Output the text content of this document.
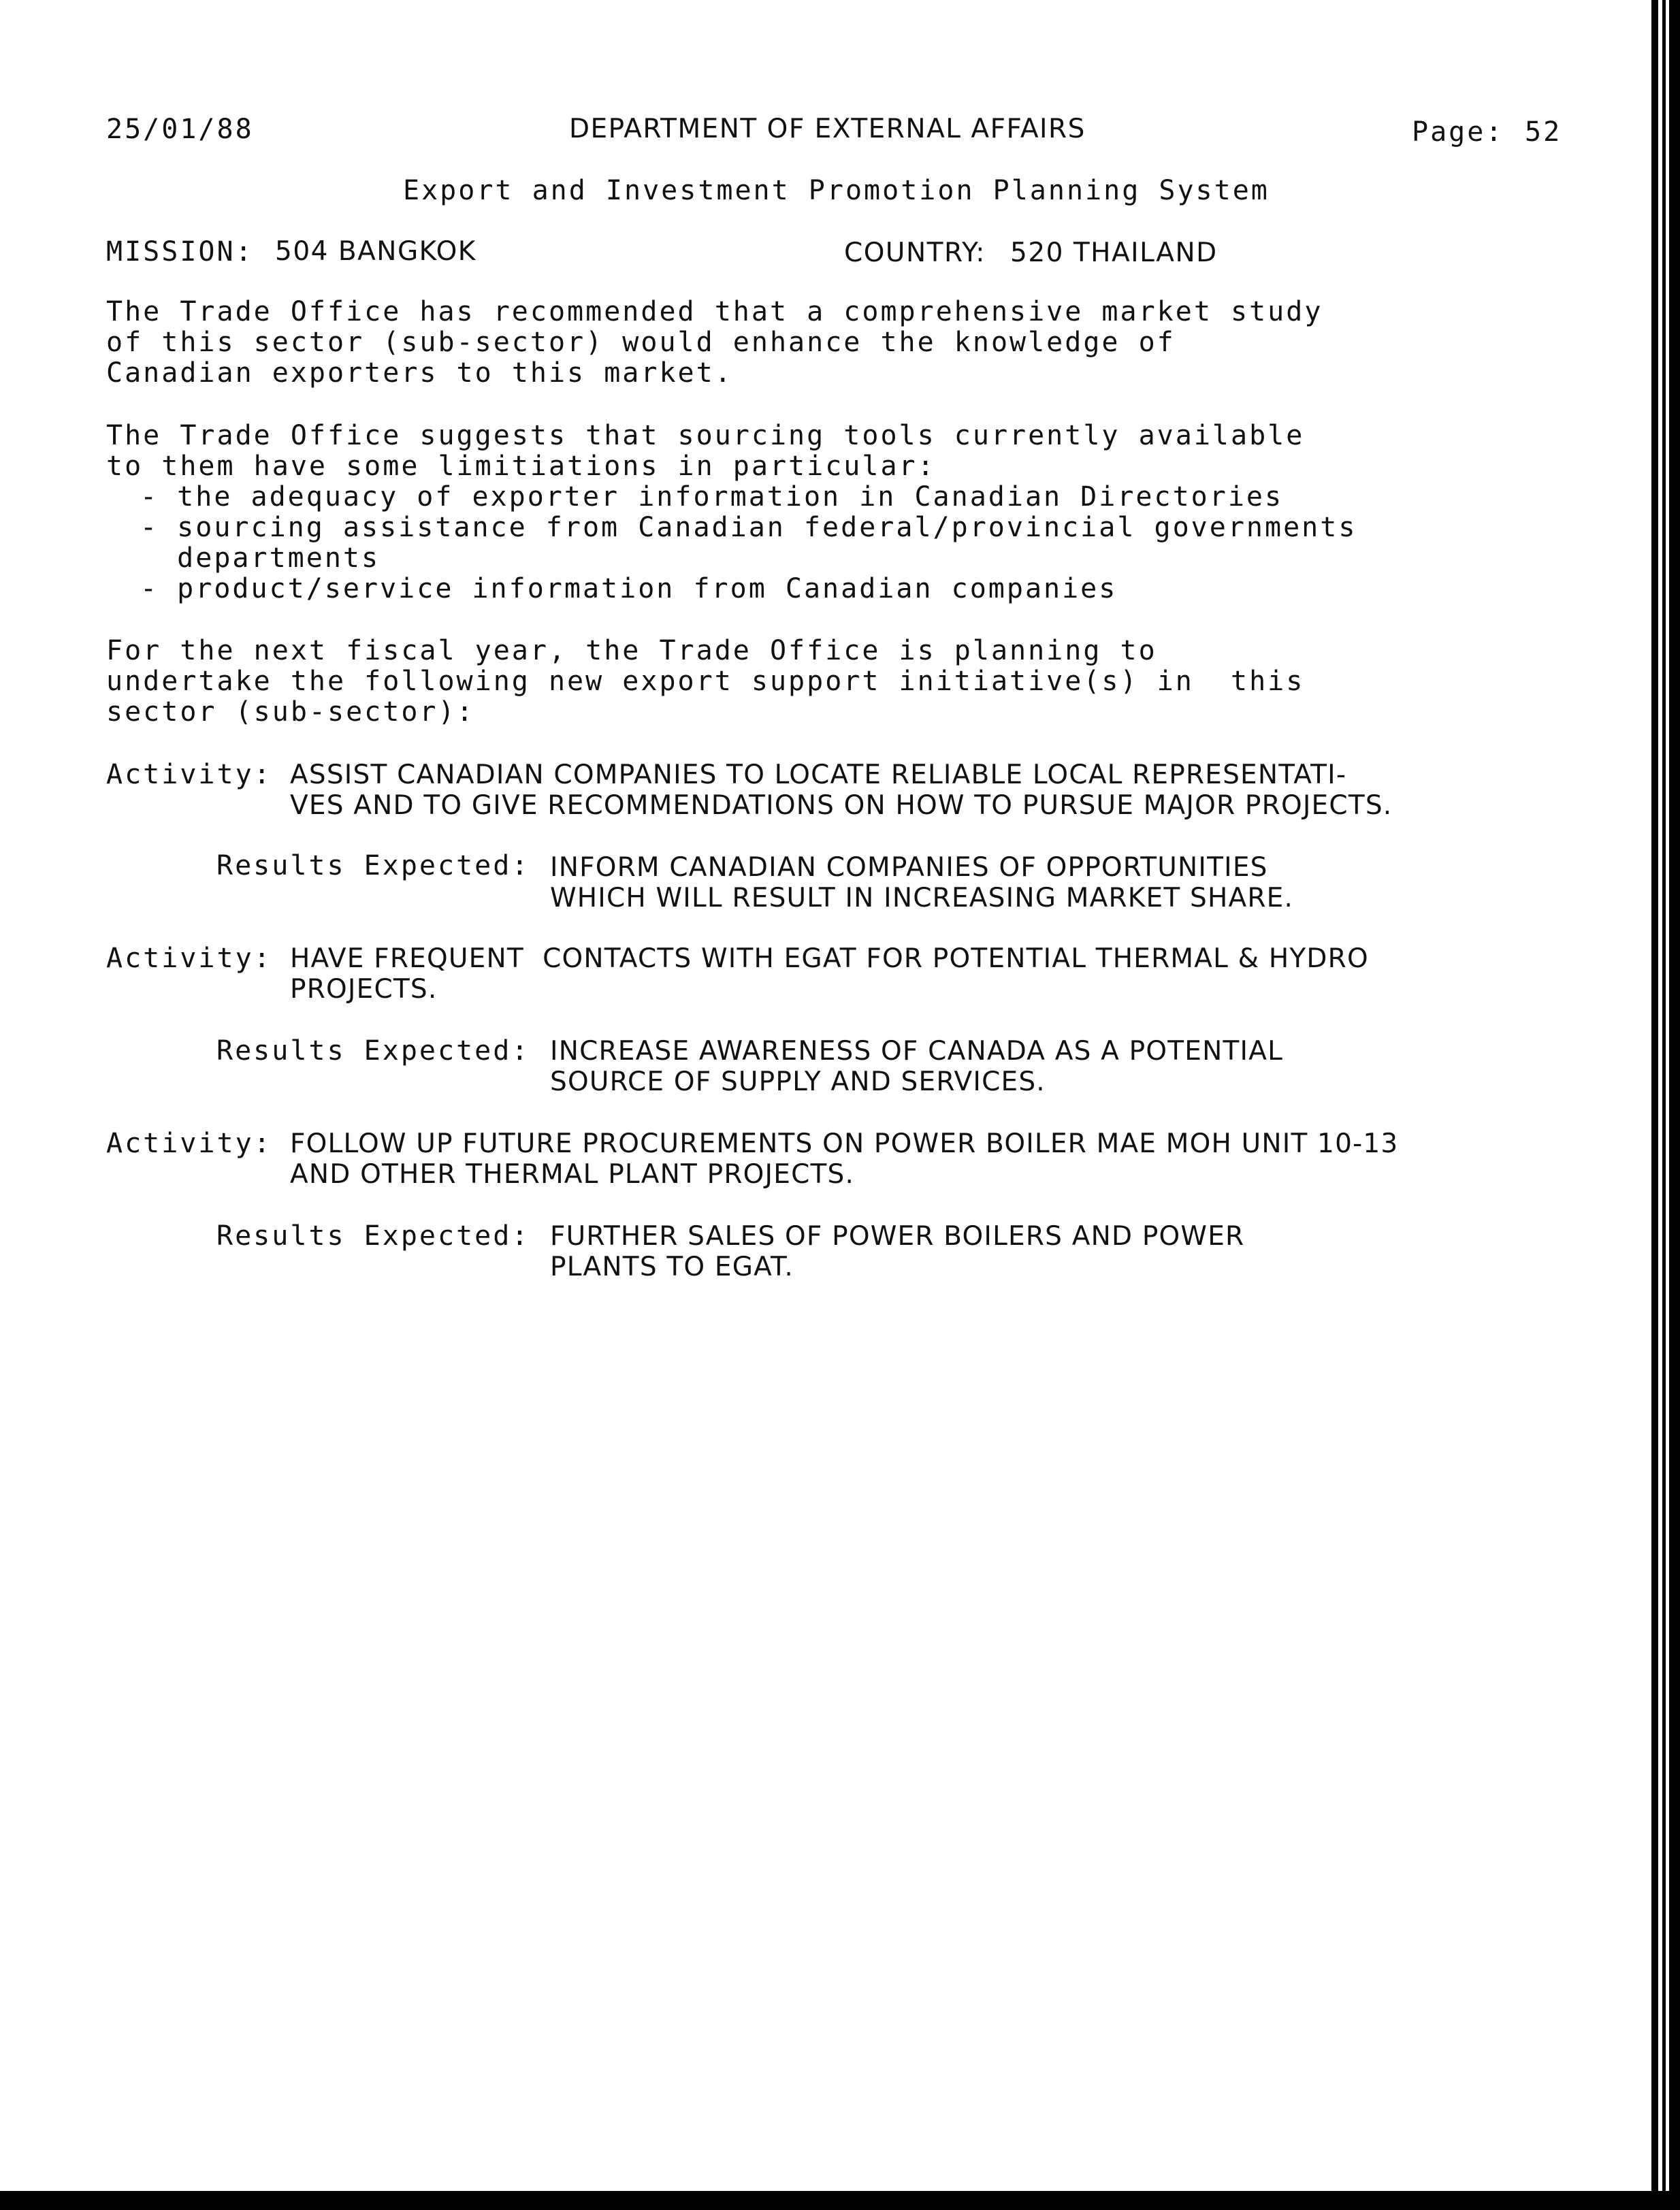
25/01/88	DEPARTMENT OF EXTERNAL AFFAIRS	Page: 52
Export and Investment Promotion Planning System
MISSION: 504 BANGKOK	COUNTRY: 520 THAILAND
The Trade Office has recommended that a comprehensive market study
of this sector (sub-sector) would enhance the knowledge of
Canadian exporters to this market.
The Trade Office suggests that sourcing tools currently available
to them have some limitiations in particular:
- the adequacy of exporter information in Canadian Directories
- sourcing assistance from Canadian federal/provincial governments
departments
- product/service information from Canadian companies
For the next fiscal year, the Trade Office is planning to
undertake the following new export support initiative(s) in  this
sector (sub-sector):
Activity: ASSIST CANADIAN COMPANIES TO LOCATE RELIABLE LOCAL REPRESENTATI-
VES AND TO GIVE RECOMMENDATIONS ON HOW TO PURSUE MAJOR PROJECTS.
Results Expected: INFORM CANADIAN COMPANIES OF OPPORTUNITIES
WHICH WILL RESULT IN INCREASING MARKET SHARE.
Activity: HAVE FREQUENT  CONTACTS WITH EGAT FOR POTENTIAL THERMAL & HYDRO
PROJECTS.
Results Expected: INCREASE AWARENESS OF CANADA AS A POTENTIAL
SOURCE OF SUPPLY AND SERVICES.
Activity: FOLLOW UP FUTURE PROCUREMENTS ON POWER BOILER MAE MOH UNIT 10-13
AND OTHER THERMAL PLANT PROJECTS.
Results Expected: FURTHER SALES OF POWER BOILERS AND POWER
PLANTS TO EGAT.
